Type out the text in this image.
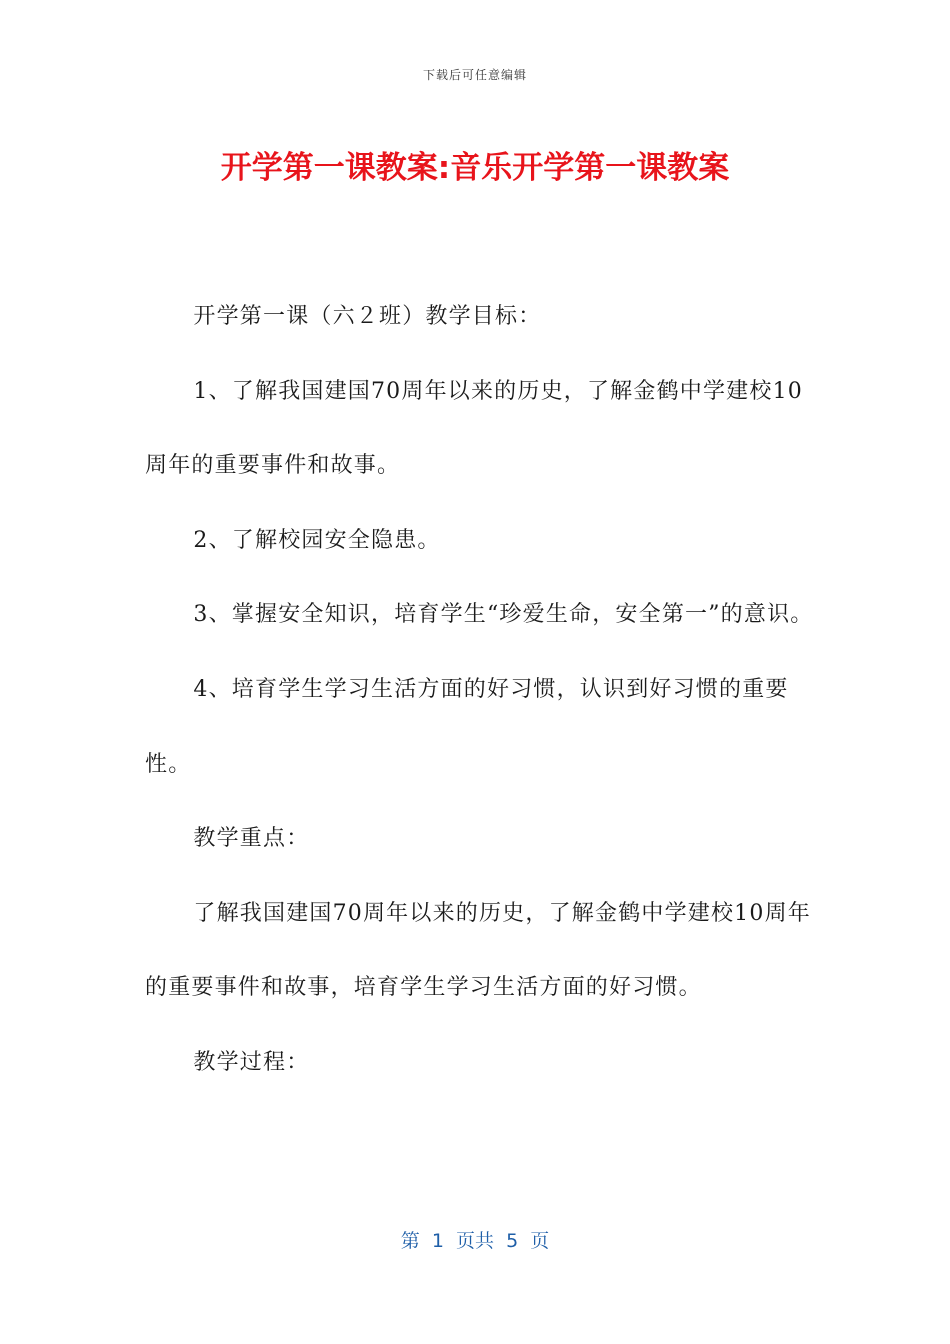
下载后可任意编辑
开学第一课教案:音乐开学第一课教案

开学第一课（六２班）教学目标：

1、了解我国建国70周年以来的历史，了解金鹤中学建校10周年的重要事件和故事。

2、了解校园安全隐患。

3、掌握安全知识，培育学生“珍爱生命，安全第一”的意识。

4、培育学生学习生活方面的好习惯，认识到好习惯的重要性。

教学重点：

了解我国建国70周年以来的历史，了解金鹤中学建校10周年的重要事件和故事，培育学生学习生活方面的好习惯。

教学过程：

第  1  页共  5  页
